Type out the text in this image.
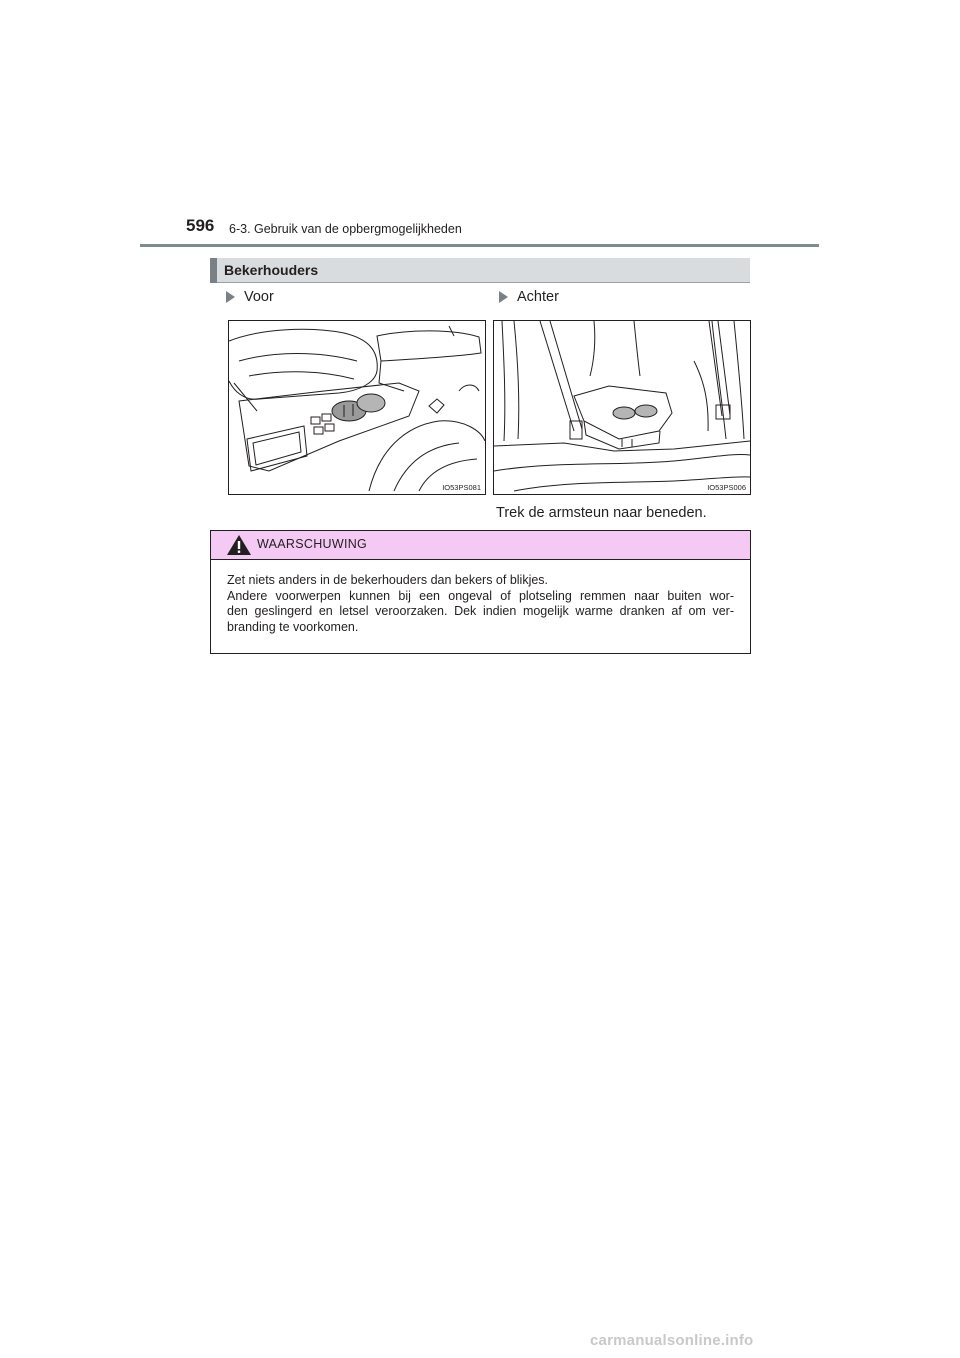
596 6-3. Gebruik van de opbergmogelijkheden
Bekerhouders
Voor	Achter
IO53PS081	IO53PS006
Trek de armsteun naar beneden.
WAARSCHUWING

Zet niets anders in de bekerhouders dan bekers of blikjes.

Andere voorwerpen kunnen bij een ongeval of plotseling remmen naar buiten wor-

den geslingerd en letsel veroorzaken. Dek indien mogelijk warme dranken af om ver-

branding te voorkomen.

carmanualsonline.info
